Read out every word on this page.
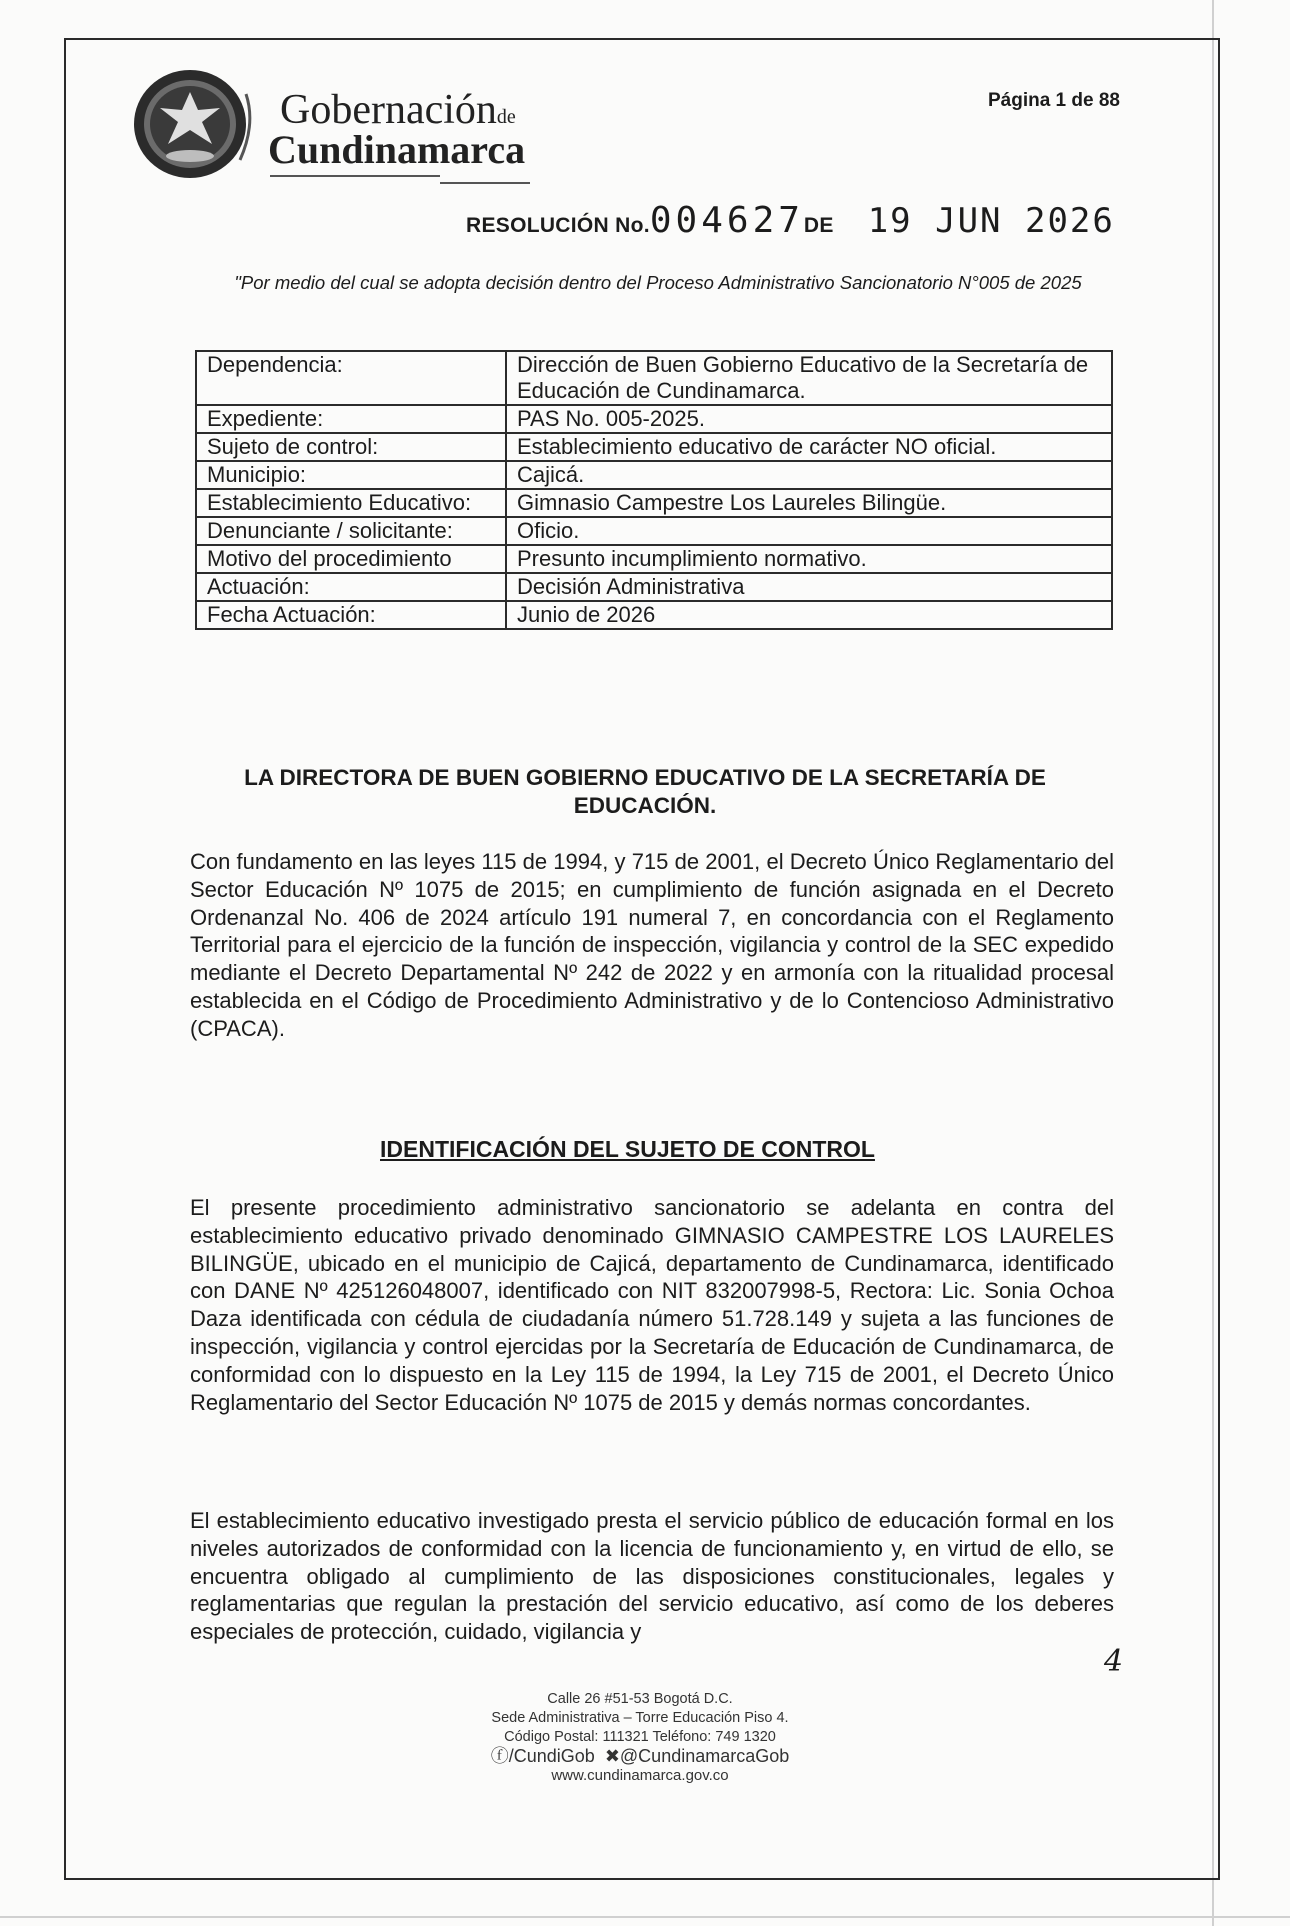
Gobernaciónde
Cundinamarca
Página 1 de 88
RESOLUCIÓN No.004627DE 19 JUN 2026
"Por medio del cual se adopta decisión dentro del Proceso Administrativo Sancionatorio N°005 de 2025
Dependencia:	Dirección de Buen Gobierno Educativo de la Secretaría de Educación de Cundinamarca.
Expediente:	PAS No. 005-2025.
Sujeto de control:	Establecimiento educativo de carácter NO oficial.
Municipio:	Cajicá.
Establecimiento Educativo:	Gimnasio Campestre Los Laureles Bilingüe.
Denunciante / solicitante:	Oficio.
Motivo del procedimiento	Presunto incumplimiento normativo.
Actuación:	Decisión Administrativa
Fecha Actuación:	Junio de 2026
LA DIRECTORA DE BUEN GOBIERNO EDUCATIVO DE LA SECRETARÍA DE EDUCACIÓN.
Con fundamento en las leyes 115 de 1994, y 715 de 2001, el Decreto Único Reglamentario del Sector Educación Nº 1075 de 2015; en cumplimiento de función asignada en el Decreto Ordenanzal No. 406 de 2024 artículo 191 numeral 7, en concordancia con el Reglamento Territorial para el ejercicio de la función de inspección, vigilancia y control de la SEC expedido mediante el Decreto Departamental Nº 242 de 2022 y en armonía con la ritualidad procesal establecida en el Código de Procedimiento Administrativo y de lo Contencioso Administrativo (CPACA).
IDENTIFICACIÓN DEL SUJETO DE CONTROL
El presente procedimiento administrativo sancionatorio se adelanta en contra del establecimiento educativo privado denominado GIMNASIO CAMPESTRE LOS LAURELES BILINGÜE, ubicado en el municipio de Cajicá, departamento de Cundinamarca, identificado con DANE Nº 425126048007, identificado con NIT 832007998-5, Rectora: Lic. Sonia Ochoa Daza identificada con cédula de ciudadanía número 51.728.149 y sujeta a las funciones de inspección, vigilancia y control ejercidas por la Secretaría de Educación de Cundinamarca, de conformidad con lo dispuesto en la Ley 115 de 1994, la Ley 715 de 2001, el Decreto Único Reglamentario del Sector Educación Nº 1075 de 2015 y demás normas concordantes.
El establecimiento educativo investigado presta el servicio público de educación formal en los niveles autorizados de conformidad con la licencia de funcionamiento y, en virtud de ello, se encuentra obligado al cumplimiento de las disposiciones constitucionales, legales y reglamentarias que regulan la prestación del servicio educativo, así como de los deberes especiales de protección, cuidado, vigilancia y
4
Calle 26 #51-53 Bogotá D.C.
Sede Administrativa – Torre Educación Piso 4.
Código Postal: 111321 Teléfono: 749 1320
ⓕ/CundiGob ✖@CundinamarcaGob
www.cundinamarca.gov.co
